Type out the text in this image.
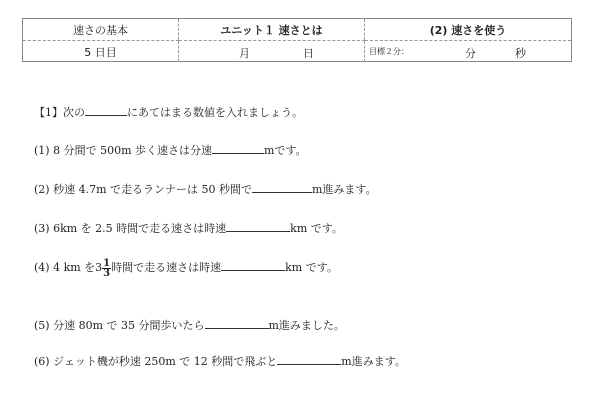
速さの基本	ユニット１ 速さとは	(2) 速さを使う
5 日目	月 日	目標２分： 分 秒
【1】次の	にあてはまる数値を入れましょう。
(1) 8 分間で 500m 歩く速さは分速	mです。
(2) 秒速 4.7m で走るランナーは 50 秒間で	m進みます。
(3) 6km を 2.5 時間で走る速さは時速	km です。
(4) 4 km を$3 \frac{1}{3}$ 時間で走る速さは時速	km です。
(5) 分速 80m で 35 分間歩いたら	m進みました。
(6) ジェット機が秒速 250m で 12 秒間で飛ぶと	m進みます。
